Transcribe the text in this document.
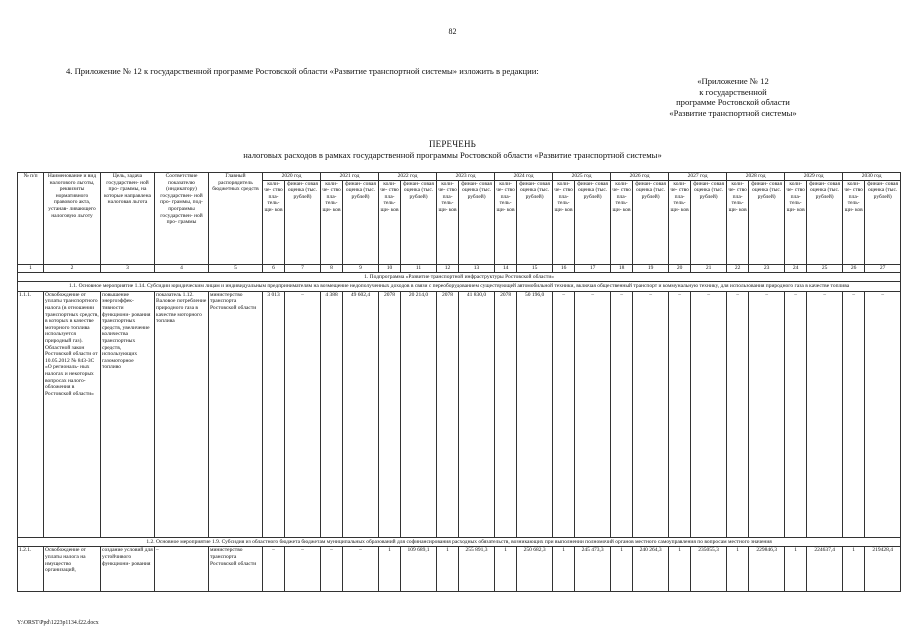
82
4. Приложение № 12 к государственной программе Ростовской области «Развитие транспортной системы» изложить в редакции:
«Приложение № 12
к государственной
программе Ростовской области
«Развитие транспортной системы»
ПЕРЕЧЕНЬ
налоговых расходов в рамках государственной программы Ростовской области «Развитие транспортной системы»
№ п/п	Наименование и вид налогового льготы, реквизиты нормативного правового акта, устанав- ливающего налоговую льготу	Цель, задача государствен- ной про- граммы, на которые направлена налоговая льгота	Соответствие показателю (индикатору) государствен- ной про- граммы, под- программы государствен- ной про- граммы	Главный распорядитель бюджетных средств	2020 год		2021 год		2022 год		2023 год		2024 год		2025 год		2026 год		2027 год		2028 год		2029 год		2030 год	
					коли- че- ство пла- тель- щи- ков	финан- совая оценка (тыс. рублей)	коли- че- ство пла- тель- щи- ков	финан- совая оценка (тыс. рублей)	коли- че- ство пла- тель- щи- ков	финан- совая оценка (тыс. рублей)	коли- че- ство пла- тель- щи- ков	финан- совая оценка (тыс. рублей)	коли- че- ство пла- тель- щи- ков	финан- совая оценка (тыс. рублей)	коли- че- ство пла- тель- щи- ков	финан- совая оценка (тыс. рублей)	коли- че- ство пла- тель- щи- ков	финан- совая оценка (тыс. рублей)	коли- че- ство пла- тель- щи- ков	финан- совая оценка (тыс. рублей)	коли- че- ство пла- тель- щи- ков	финан- совая оценка (тыс. рублей)	коли- че- ство пла- тель- щи- ков	финан- совая оценка (тыс. рублей)	коли- че- ство пла- тель- щи- ков	финан- совая оценка (тыс. рублей)
1	2	3	4	5	6	7	8	9	10	11	12	13	14	15	16	17	18	19	20	21	22	23	24	25	26	27
1. Подпрограмма «Развитие транспортной инфраструктуры Ростовской области»																										
1.1. Основное мероприятие 1.14. Субсидии юридическим лицам и индивидуальным предпринимателям на возмещение недополученных доходов в связи с переоборудованием существующей автомобильной техники, включая общественный транспорт и коммунальную технику, для использования природного газа в качестве топлива																										
1.1.1.	Освобождение от уплаты транспортного налога (в отношении транспортных средств, в которых в качестве моторного топлива используется природный газ). Областной закон Ростовской области от 10.05.2012 № 843-ЗС «О региональ- ных налогах и некоторых вопросах налого- обложения в Ростовской области»	повышение энергоэффек- тивности функциони- рования транспортных средств, увеличение количества транспортных средств, использующих газомоторное топливо	показатель 1.12. Валовое потребление природного газа в качестве моторного топлива	министерство транспорта Ростовской области	3 013	–	4 388	49 602,4	2078	20 214,0	2078	41 830,0	2078	50 196,0	–	–	–	–	–	–	–	–	–	–	–	–
1.2. Основное мероприятие 1.9. Субсидия из областного бюджета бюджетам муниципальных образований для софинансирования расходных обязательств, возникающих при выполнении полномочий органов местного самоуправления по вопросам местного значения																										
1.2.1.	Освобождение от уплаты налога на имущество организаций,	создание условий для устойчивого функциони- рования	–	министерство транспорта Ростовской области	–	–	–	–	1	109 689,1	1	255 891,3	1	250 682,3	1	245 473,3	1	240 264,3	1	235055,3	1	229846,3	1	224637,4	1	219428,4
Y:\ORST\Ppd\1223p1134.f22.docx
